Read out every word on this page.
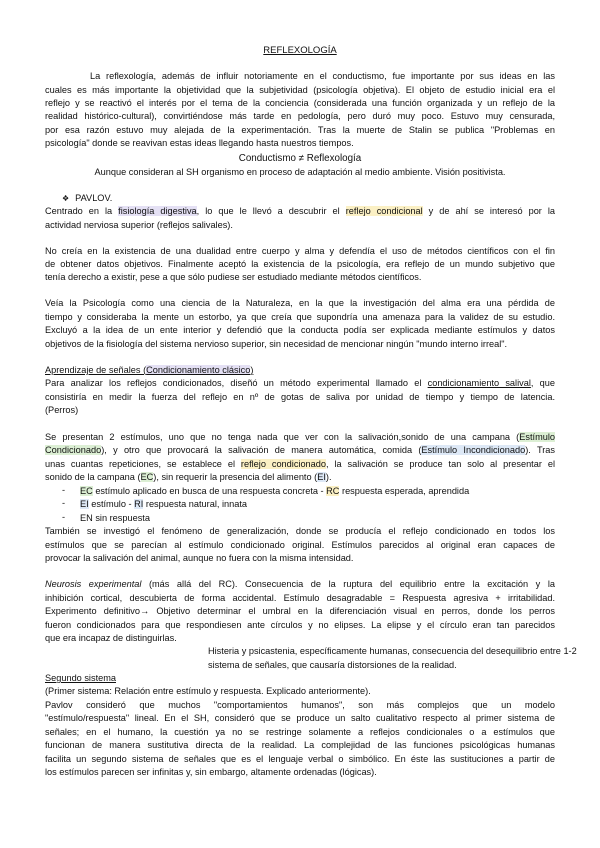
REFLEXOLOGÍA
La reflexología, además de influir notoriamente en el conductismo, fue importante por sus ideas en las
cuales es más importante la objetividad que la subjetividad (psicología objetiva). El objeto de estudio inicial era el
reflejo y se reactivó el interés por el tema de la conciencia (considerada una función organizada y un reflejo de la
realidad histórico-cultural), convirtiéndose más tarde en pedología, pero duró muy poco. Estuvo muy censurada,
por esa razón estuvo muy alejada de la experimentación. Tras la muerte de Stalin se publica "Problemas en
psicología" donde se reavivan estas ideas llegando hasta nuestros tiempos.
Conductismo ≠ Reflexología
Aunque consideran al SH organismo en proceso de adaptación al medio ambiente. Visión positivista.
❖ PAVLOV.
Centrado en la fisiología digestiva, lo que le llevó a descubrir el reflejo condicional y de ahí se interesó por la
actividad nerviosa superior (reflejos salivales).
No creía en la existencia de una dualidad entre cuerpo y alma y defendía el uso de métodos científicos con el fin
de obtener datos objetivos. Finalmente aceptó la existencia de la psicología, era reflejo de un mundo subjetivo que
tenía derecho a existir, pese a que sólo pudiese ser estudiado mediante métodos científicos.
Veía la Psicología como una ciencia de la Naturaleza, en la que la investigación del alma era una pérdida de
tiempo y consideraba la mente un estorbo, ya que creía que supondría una amenaza para la validez de su estudio.
Excluyó a la idea de un ente interior y defendió que la conducta podía ser explicada mediante estímulos y datos
objetivos de la fisiología del sistema nervioso superior, sin necesidad de mencionar ningún "mundo interno irreal".
Aprendizaje de señales (Condicionamiento clásico)
Para analizar los reflejos condicionados, diseñó un método experimental llamado el condicionamiento salival, que
consistiría en medir la fuerza del reflejo en nº de gotas de saliva por unidad de tiempo y tiempo de latencia.
(Perros)
Se presentan 2 estímulos, uno que no tenga nada que ver con la salivación,sonido de una campana (Estímulo
Condicionado), y otro que provocará la salivación de manera automática, comida (Estímulo Incondicionado). Tras
unas cuantas repeticiones, se establece el reflejo condicionado, la salivación se produce tan solo al presentar el
sonido de la campana (EC), sin requerir la presencia del alimento (EI).
- EC estímulo aplicado en busca de una respuesta concreta - RC respuesta esperada, aprendida
- EI estímulo - RI respuesta natural, innata
- EN sin respuesta
También se investigó el fenómeno de generalización, donde se producía el reflejo condicionado en todos los
estímulos que se parecían al estímulo condicionado original. Estímulos parecidos al original eran capaces de
provocar la salivación del animal, aunque no fuera con la misma intensidad.
Neurosis experimental (más allá del RC). Consecuencia de la ruptura del equilibrio entre la excitación y la
inhibición cortical, descubierta de forma accidental. Estímulo desagradable = Respuesta agresiva + irritabilidad.
Experimento definitivo→ Objetivo determinar el umbral en la diferenciación visual en perros, donde los perros
fueron condicionados para que respondiesen ante círculos y no elipses. La elipse y el círculo eran tan parecidos
que era incapaz de distinguirlas.
Histeria y psicastenia, específicamente humanas, consecuencia del desequilibrio entre 1-2
sistema de señales, que causaría distorsiones de la realidad.
Segundo sistema
(Primer sistema: Relación entre estímulo y respuesta. Explicado anteriormente).
Pavlov consideró que muchos "comportamientos humanos", son más complejos que un modelo
"estímulo/respuesta" lineal. En el SH, consideró que se produce un salto cualitativo respecto al primer sistema de
señales; en el humano, la cuestión ya no se restringe solamente a reflejos condicionales o a estímulos que
funcionan de manera sustitutiva directa de la realidad. La complejidad de las funciones psicológicas humanas
facilita un segundo sistema de señales que es el lenguaje verbal o simbólico. En éste las sustituciones a partir de
los estímulos parecen ser infinitas y, sin embargo, altamente ordenadas (lógicas).
